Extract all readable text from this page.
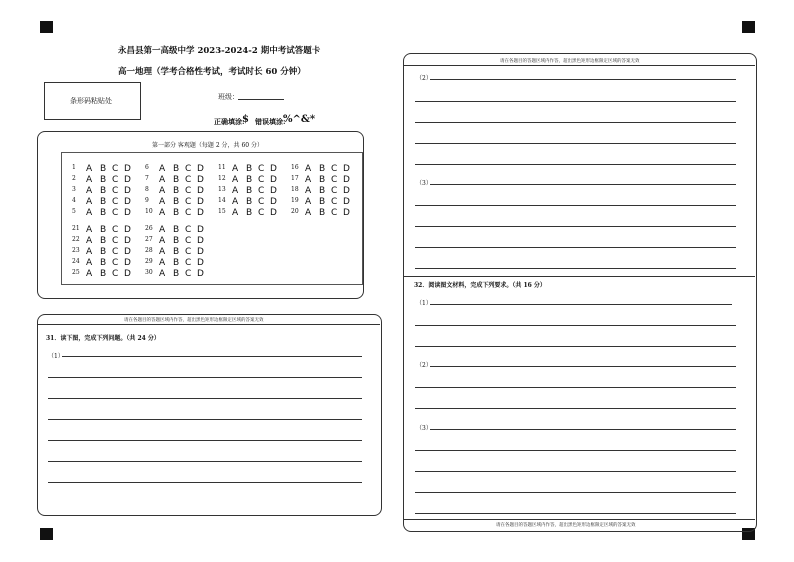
永昌县第一高级中学 2023-2024-2 期中考试答题卡
高一地理（学考合格性考试，考试时长 60 分钟）
条形码粘贴处	班级：
正确填涂:
$ 错误填涂:
%^&*
第一部分 客观题（每题 2 分，共 60 分）
1	A B C D
2	A B C D
3	A B C D
4	A B C D
5	A B C D
6	A B C D
7	A B C D
8	A B C D
9	A B C D
10 A B C D
11 A B C D
12 A B C D
13 A B C D
14 A B C D
15 A B C D
16 A B C D
17 A B C D
18 A B C D
19 A B C D
20 A B C D
21 A B C D
22 A B C D
23 A B C D
24 A B C D
25 A B C D
26 A B C D
27 A B C D
28 A B C D
29 A B C D
30 A B C D
请在各题目的答题区域内作答，超出黑色矩形边框限定区域的答案无效
31．读下图，完成下列问题。（共 24 分）
（1）
请在各题目的答题区域内作答，超出黑色矩形边框限定区域的答案无效
（2）
（3）
32．阅读图文材料，完成下列要求。（共 16 分）
（1）
（2）
（3）
请在各题目的答题区域内作答，超出黑色矩形边框限定区域的答案无效
